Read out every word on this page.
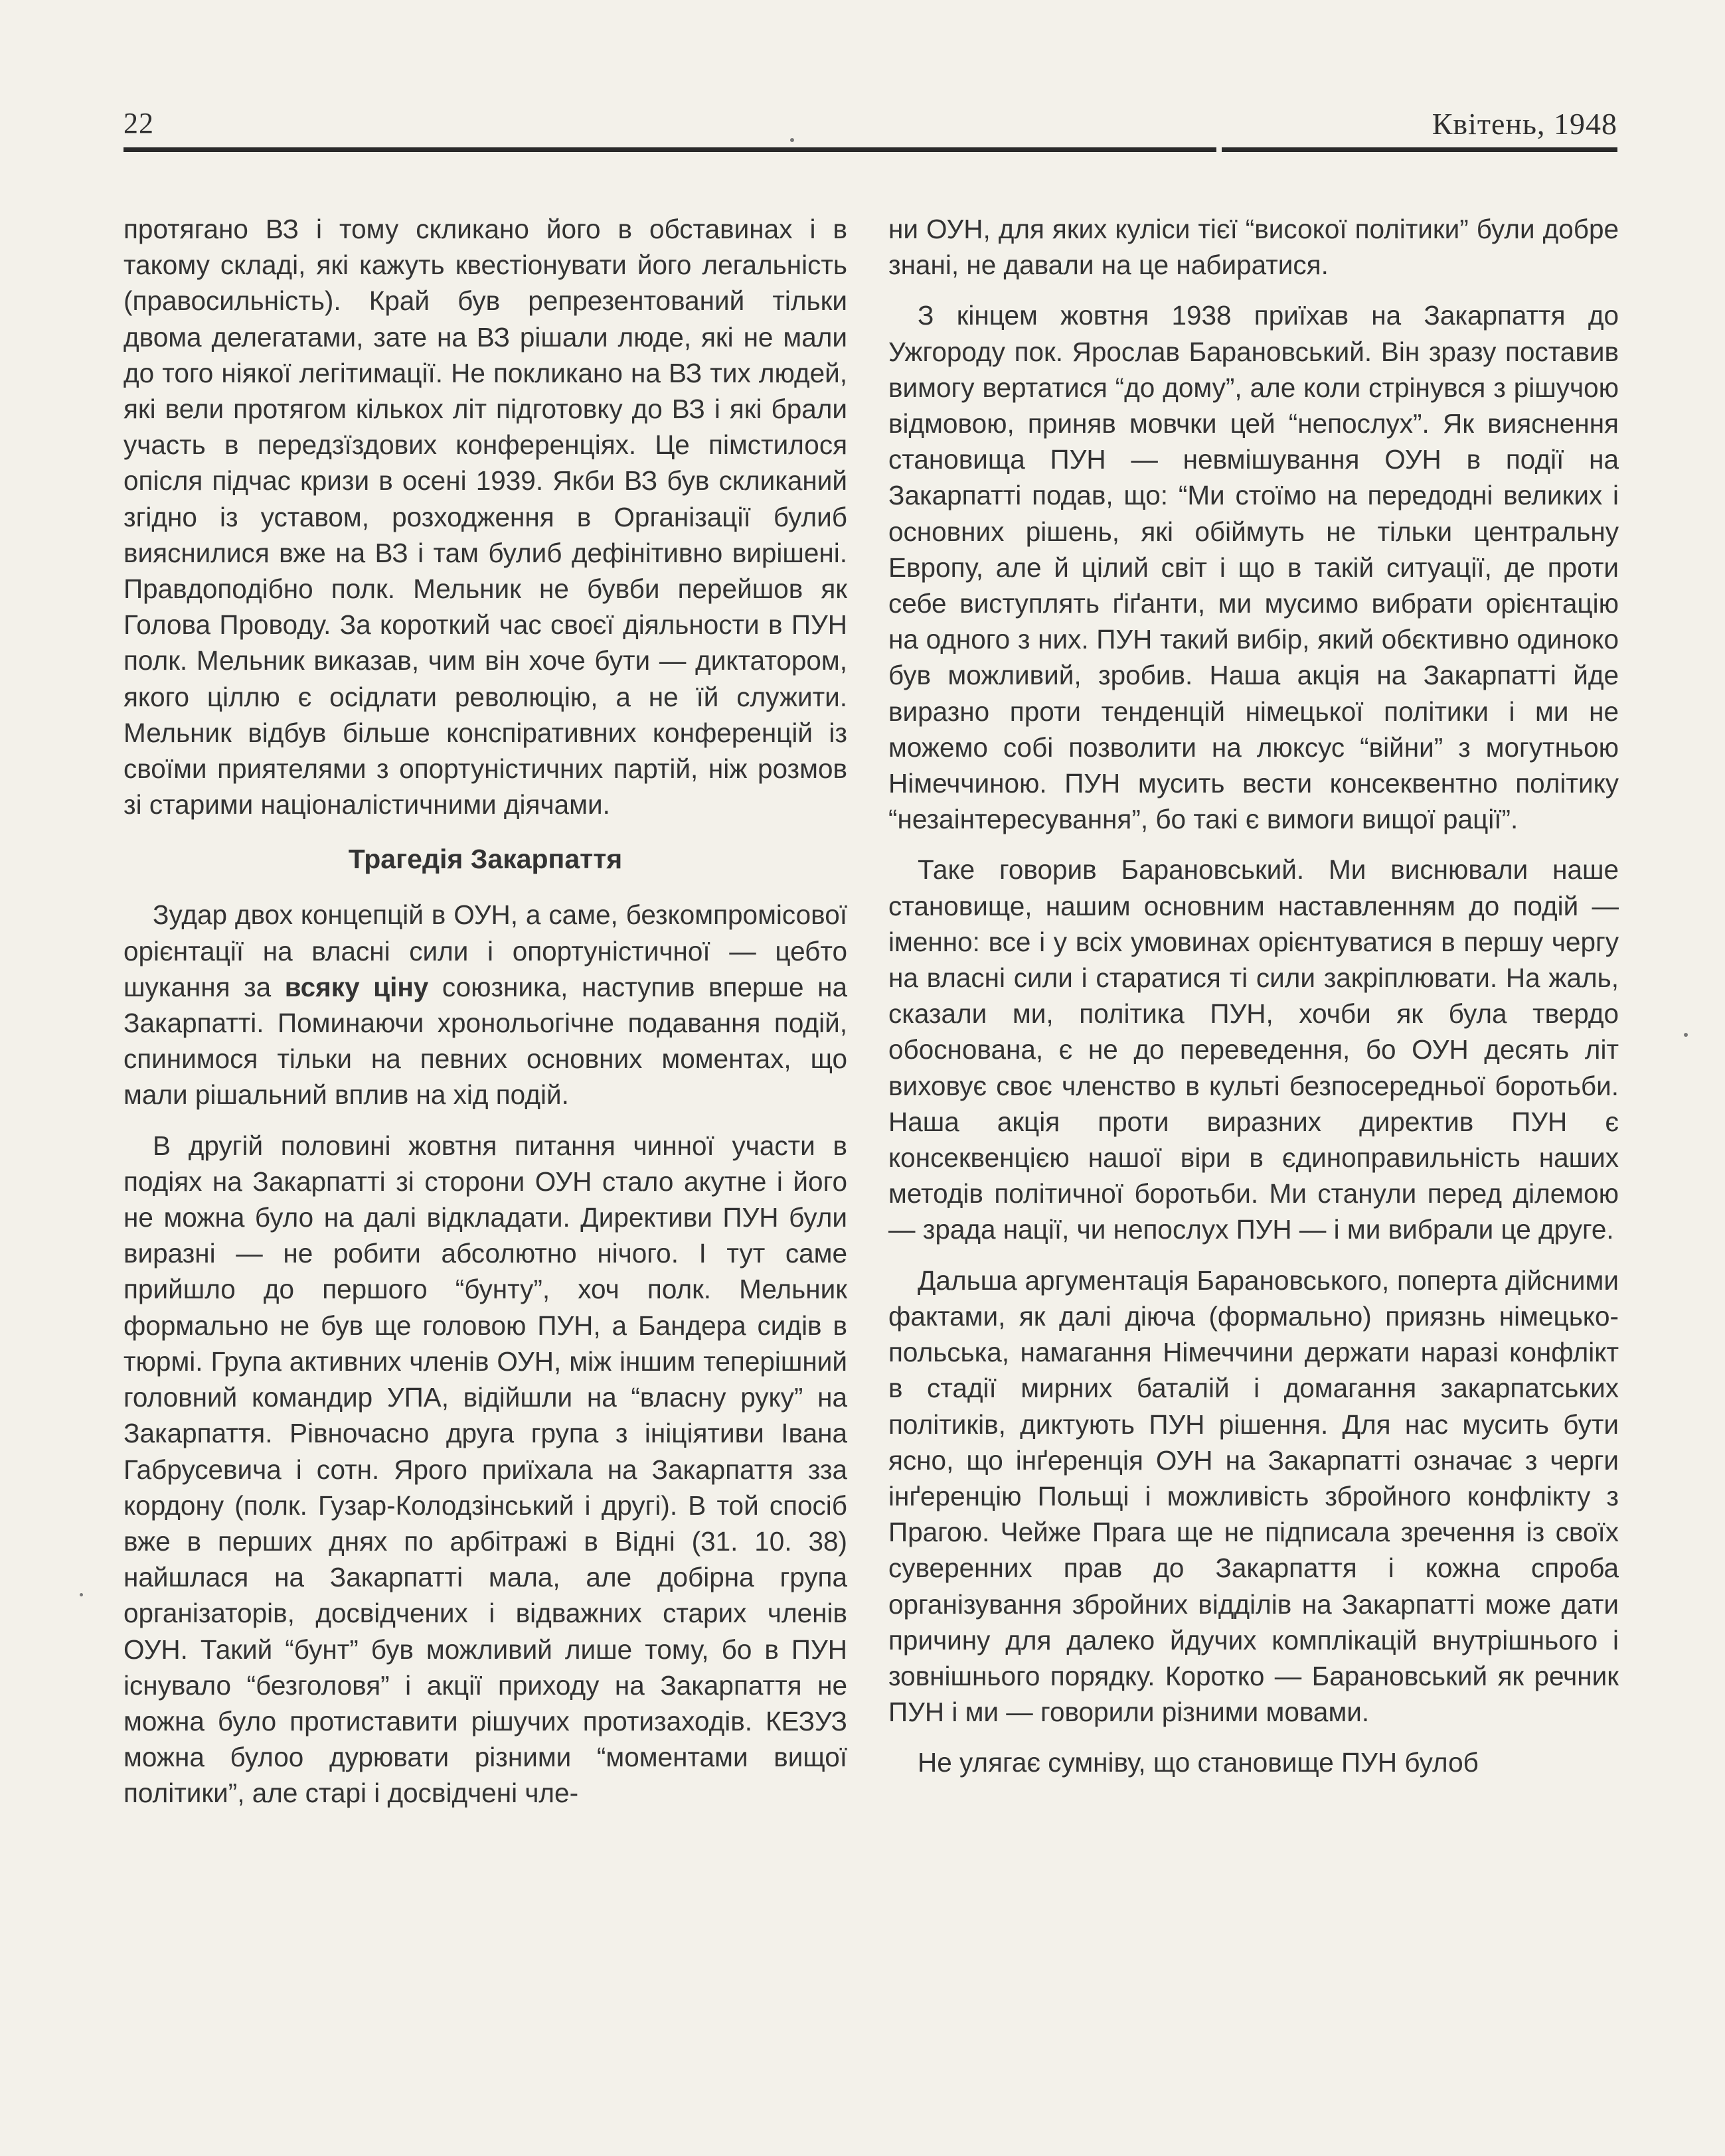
22	Квітень, 1948

протягано ВЗ і тому скликано його в обставинах і в такому складі, які кажуть квестіонувати його легальність (правосильність). Край був репрезентований тільки двома делегатами, зате на ВЗ рішали люде, які не мали до того ніякої легітимації. Не покликано на ВЗ тих людей, які вели протягом кількох літ підготовку до ВЗ і які брали участь в передзїздових конференціях. Це пімстилося опісля підчас кризи в осені 1939. Якби ВЗ був скликаний згідно із уставом, розходження в Організації булиб вияснилися вже на ВЗ і там булиб дефінітивно вирішені. Правдоподібно полк. Мельник не бувби перейшов як Голова Проводу. За короткий час своєї діяльности в ПУН полк. Мельник виказав, чим він хоче бути — диктатором, якого ціллю є осідлати революцію, а не їй служити. Мельник відбув більше конспіративних конференцій із своїми приятелями з опортуністичних партій, ніж розмов зі старими націоналістичними діячами.

Трагедія Закарпаття

Зудар двох концепцій в ОУН, а саме, безкомпромісової орієнтації на власні сили і опортуністичної — цебто шукання за всяку ціну союзника, наступив вперше на Закарпатті. Поминаючи хронольогічне подавання подій, спинимося тільки на певних основних моментах, що мали рішальний вплив на хід подій.

В другій половині жовтня питання чинної участи в подіях на Закарпатті зі сторони ОУН стало акутне і його не можна було на далі відкладати. Директиви ПУН були виразні — не робити абсолютно нічого. І тут саме прийшло до першого “бунту”, хоч полк. Мельник формально не був ще головою ПУН, а Бандера сидів в тюрмі. Група активних членів ОУН, між іншим теперішний головний командир УПА, відійшли на “власну руку” на Закарпаття. Рівночасно друга група з ініціятиви Івана Габрусевича і сотн. Ярого приїхала на Закарпаття зза кордону (полк. Гузар-Колодзінський і другі). В той спосіб вже в перших днях по арбітражі в Відні (31. 10. 38) найшлася на Закарпатті мала, але добірна група організаторів, досвідчених і відважних старих членів ОУН. Такий “бунт” був можливий лише тому, бо в ПУН існувало “безголовя” і акції приходу на Закарпаття не можна було протиставити рішучих протизаходів. КЕЗУЗ можна булоо дурювати різними “моментами вищої політики”, але старі і досвідчені чле-

ни ОУН, для яких куліси тієї “високої політики” були добре знані, не давали на це набиратися.

З кінцем жовтня 1938 приїхав на Закарпаття до Ужгороду пок. Ярослав Барановський. Він зразу поставив вимогу вертатися “до дому”, але коли стрінувся з рішучою відмовою, приняв мовчки цей “непослух”. Як вияснення становища ПУН — невмішування ОУН в події на Закарпатті подав, що: “Ми стоїмо на передодні великих і основних рішень, які обіймуть не тільки центральну Европу, але й цілий світ і що в такій ситуації, де проти себе виступлять ґіґанти, ми мусимо вибрати орієнтацію на одного з них. ПУН такий вибір, який обєктивно одиноко був можливий, зробив. Наша акція на Закарпатті йде виразно проти тенденцій німецької політики і ми не можемо собі позволити на люксус “війни” з могутньою Німеччиною. ПУН мусить вести консеквентно політику “незаінтересування”, бо такі є вимоги вищої рації”.

Таке говорив Барановський. Ми виснювали наше становище, нашим основним наставленням до подій — іменно: все і у всіх умовинах орієнтуватися в першу чергу на власні сили і старатися ті сили закріплювати. На жаль, сказали ми, політика ПУН, хочби як була твердо обоснована, є не до переведення, бо ОУН десять літ виховує своє членство в культі безпосередньої боротьби. Наша акція проти виразних директив ПУН є консеквенцією нашої віри в єдиноправильність наших методів політичної боротьби. Ми станули перед ділемою — зрада нації, чи непослух ПУН — і ми вибрали це друге.

Дальша аргументація Барановського, поперта дійсними фактами, як далі діюча (формально) приязнь німецько-польська, намагання Німеччини держати наразі конфлікт в стадії мирних баталій і домагання закарпатських політиків, диктують ПУН рішення. Для нас мусить бути ясно, що інґеренція ОУН на Закарпатті означає з черги інґеренцію Польщі і можливість збройного конфлікту з Прагою. Чейже Прага ще не підписала зречення із своїх суверенних прав до Закарпаття і кожна спроба організування збройних відділів на Закарпатті може дати причину для далеко йдучих комплікацій внутрішнього і зовнішнього порядку. Коротко — Барановський як речник ПУН і ми — говорили різними мовами.

Не улягає сумніву, що становище ПУН булоб
